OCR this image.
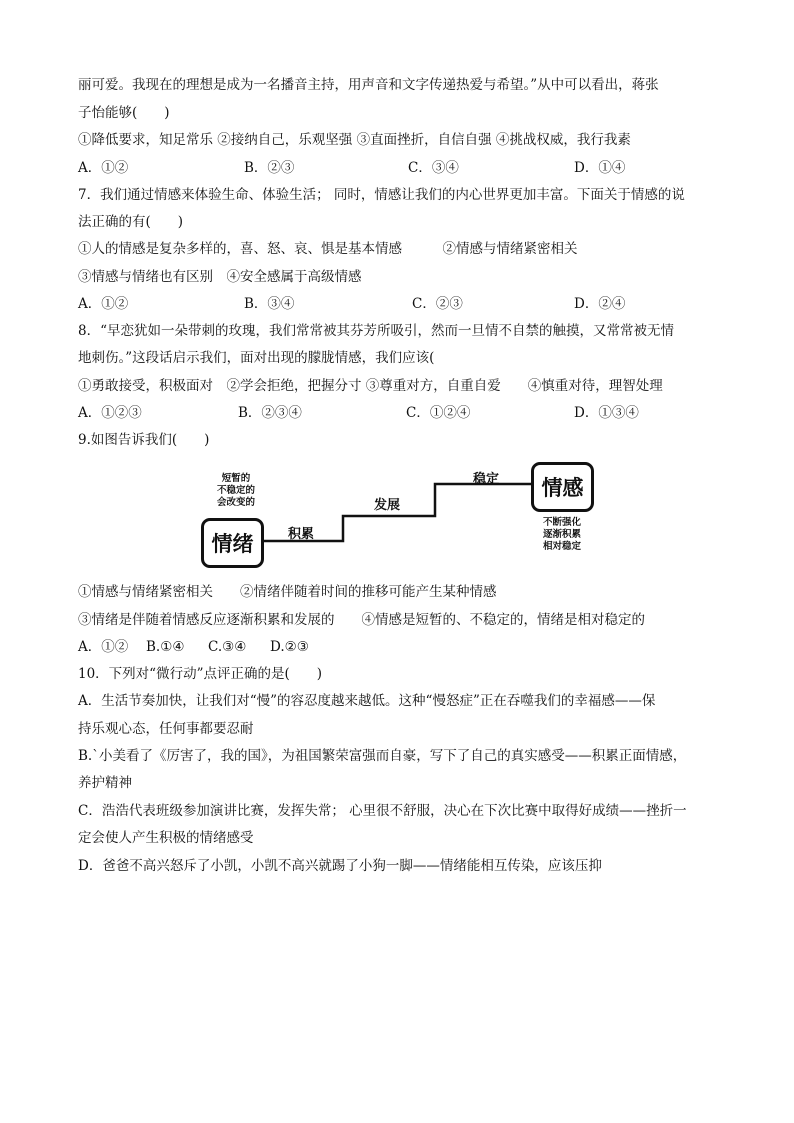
丽可爱。我现在的理想是成为一名播音主持，用声音和文字传递热爱与希望。”从中可以看出，蒋张
子怡能够(　　)
①降低要求，知足常乐 ②接纳自己，乐观坚强 ③直面挫折，自信自强 ④挑战权威，我行我素
A．①②	B．②③	C．③④	D．①④
7．我们通过情感来体验生命、体验生活； 同时，情感让我们的内心世界更加丰富。下面关于情感的说
法正确的有(　　)
①人的情感是复杂多样的，喜、怒、哀、惧是基本情感　　　②情感与情绪紧密相关
③情感与情绪也有区别　④安全感属于高级情感
A．①②	B．③④	C．②③	D．②④
8．“早恋犹如一朵带刺的玫瑰，我们常常被其芬芳所吸引，然而一旦情不自禁的触摸，又常常被无情
地刺伤。”这段话启示我们，面对出现的朦胧情感，我们应该(
①勇敢接受，积极面对　②学会拒绝，把握分寸 ③尊重对方，自重自爱　　④慎重对待，理智处理
A．①②③	B．②③④	C．①②④	D．①③④
9.如图告诉我们(　　)
短暂的
不稳定的
会改变的
情绪	积累
发展
稳定	情感
不断强化
逐渐积累
相对稳定
①情感与情绪紧密相关　　②情绪伴随着时间的推移可能产生某种情感
③情绪是伴随着情感反应逐渐积累和发展的　　④情感是短暂的、不稳定的，情绪是相对稳定的
A．①② B.①④ C.③④ D.②③
10．下列对“微行动”点评正确的是(　　)
A．生活节奏加快，让我们对“慢”的容忍度越来越低。这种“慢怒症”正在吞噬我们的幸福感——保
持乐观心态，任何事都要忍耐
B.`小美看了《厉害了，我的国》，为祖国繁荣富强而自豪，写下了自己的真实感受——积累正面情感，
养护精神
C．浩浩代表班级参加演讲比赛，发挥失常； 心里很不舒服，决心在下次比赛中取得好成绩——挫折一
定会使人产生积极的情绪感受
D．爸爸不高兴怒斥了小凯，小凯不高兴就踢了小狗一脚——情绪能相互传染，应该压抑
